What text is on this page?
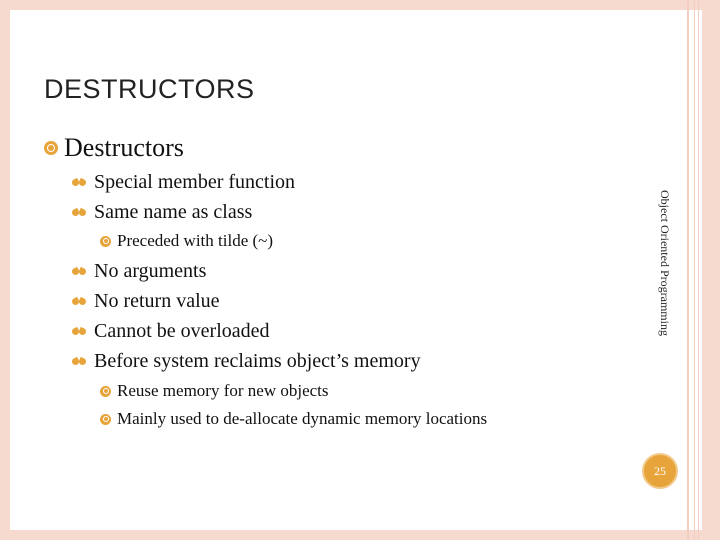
DESTRUCTORS
Destructors
Special member function
Same name as class
Preceded with tilde (~)
No arguments
No return value
Cannot be overloaded
Before system reclaims object’s memory
Reuse memory for new objects
Mainly used to de-allocate dynamic memory locations
Object Oriented Programming
25
